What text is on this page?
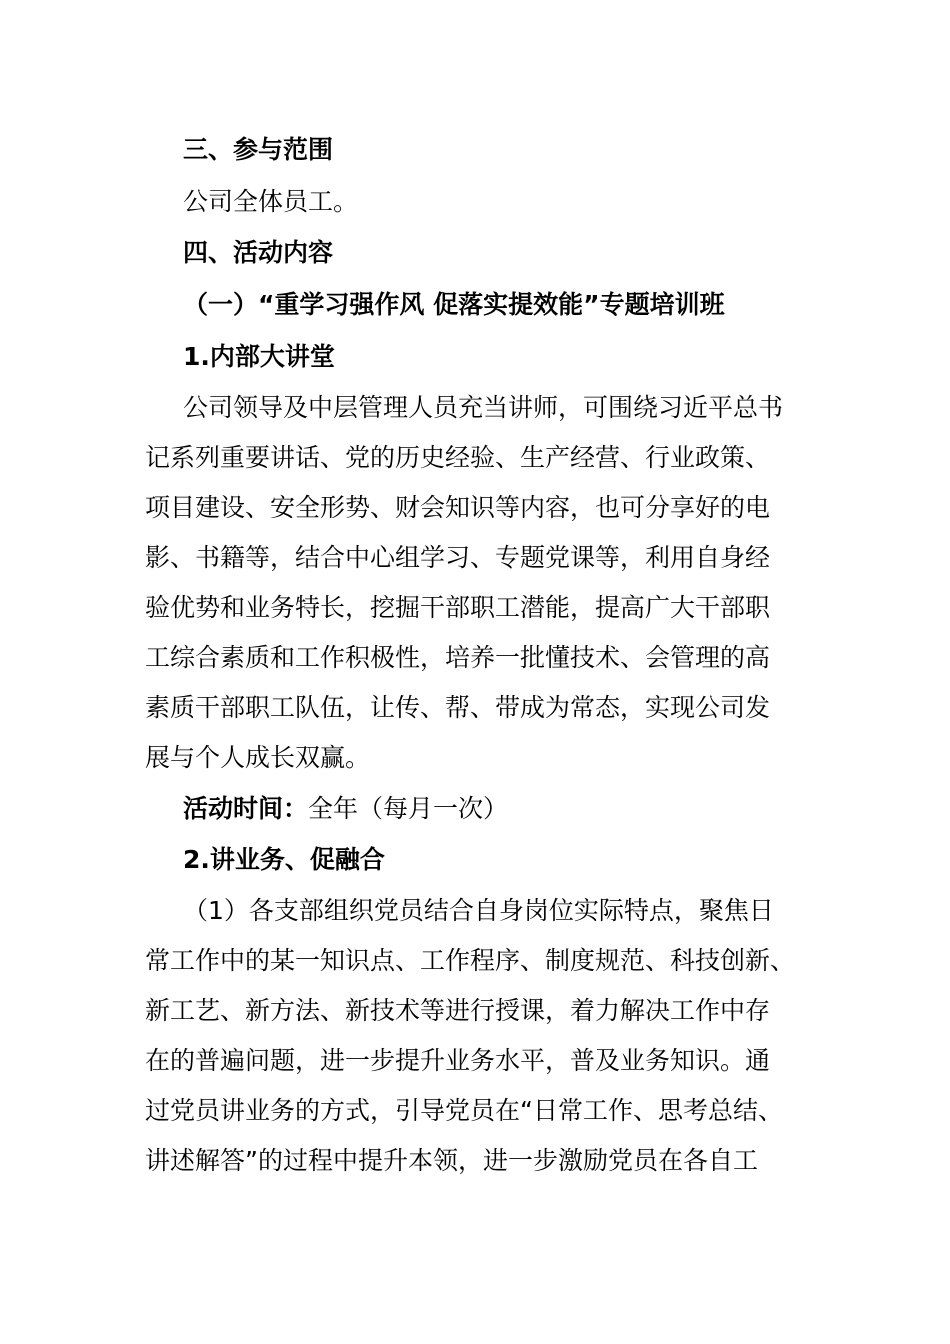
三、参与范围
公司全体员工。
四、活动内容
（一）“重学习强作风 促落实提效能”专题培训班
1.内部大讲堂
公司领导及中层管理人员充当讲师，可围绕习近平总书
记系列重要讲话、党的历史经验、生产经营、行业政策、
项目建设、安全形势、财会知识等内容，也可分享好的电
影、书籍等，结合中心组学习、专题党课等，利用自身经
验优势和业务特长，挖掘干部职工潜能，提高广大干部职
工综合素质和工作积极性，培养一批懂技术、会管理的高
素质干部职工队伍，让传、帮、带成为常态，实现公司发
展与个人成长双赢。
活动时间：全年（每月一次）
2.讲业务、促融合
（1）各支部组织党员结合自身岗位实际特点，聚焦日
常工作中的某一知识点、工作程序、制度规范、科技创新、
新工艺、新方法、新技术等进行授课，着力解决工作中存
在的普遍问题，进一步提升业务水平，普及业务知识。通
过党员讲业务的方式，引导党员在“日常工作、思考总结、
讲述解答”的过程中提升本领，进一步激励党员在各自工
